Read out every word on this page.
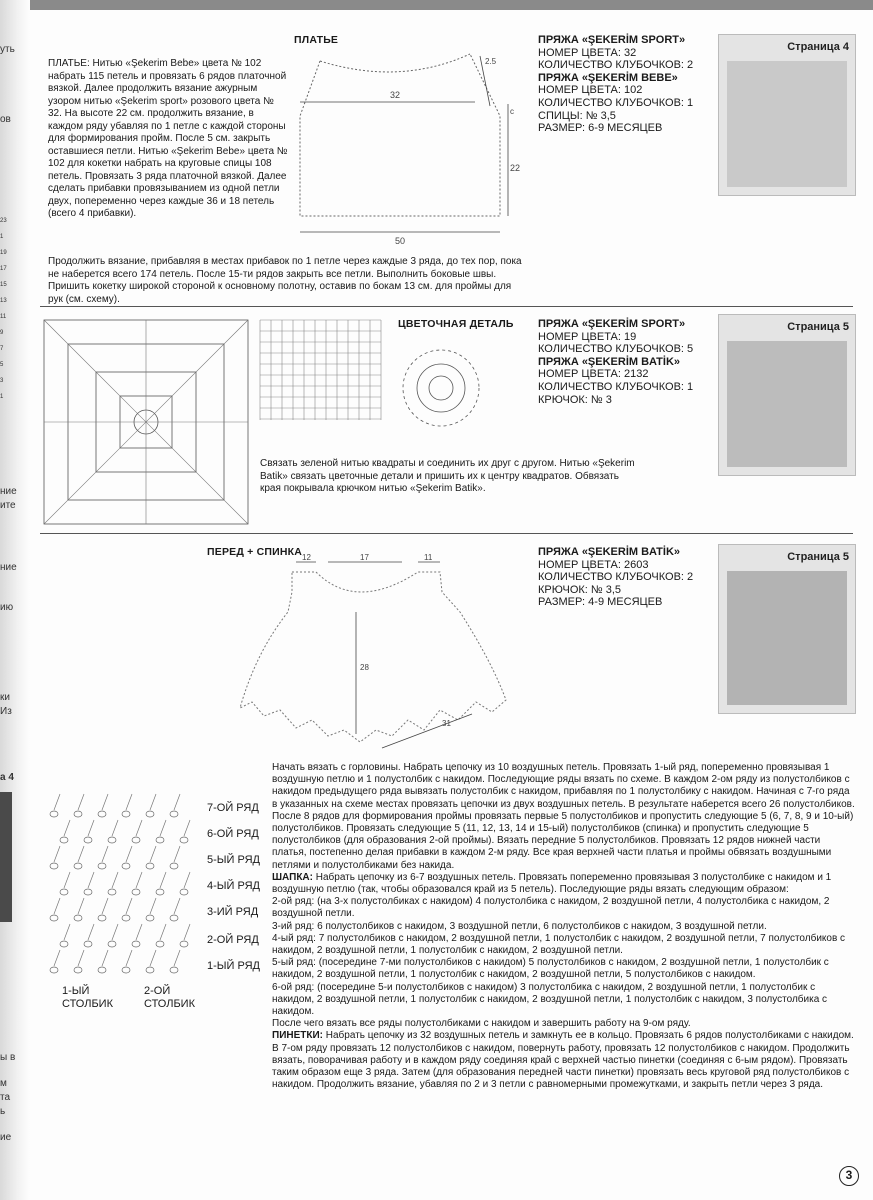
уть
ов
ние
ите
ние
ию
ки
Из
а 4
ы в
м
та
ь
ие
23
1
19
17
15
13
11
9
7
5
3
1
ПЛАТЬЕ
32
50
22
c
2.5
ПЛАТЬЕ: Нитью «Şekerim Bebe» цвета № 102 набрать 115 петель и провязать 6 рядов платочной вязкой. Далее продолжить вязание ажурным узором нитью «Şekerim sport» розового цвета № 32. На высоте 22 см. продолжить вязание, в каждом ряду убавляя по 1 петле с каждой стороны для формирования пройм. После 5 см. закрыть оставшиеся петли. Нитью «Şekerim Bebe» цвета № 102 для кокетки набрать на круговые спицы 108 петель. Провязать 3 ряда платочной вязкой. Далее сделать прибавки провязыванием из одной петли двух, попеременно через каждые 36 и 18 петель (всего 4 прибавки).
Продолжить вязание, прибавляя в местах прибавок по 1 петле через каждые 3 ряда, до тех пор, пока не наберется всего 174 петель. После 15-ти рядов закрыть все петли. Выполнить боковые швы. Пришить кокетку широкой стороной к основному полотну, оставив по бокам 13 см. для проймы для рук (см. схему).
ПРЯЖА «ŞEKERİM SPORT»
НОМЕР ЦВЕТА: 32
КОЛИЧЕСТВО КЛУБОЧКОВ: 2
ПРЯЖА «ŞEKERİM BEBE»
НОМЕР ЦВЕТА: 102
КОЛИЧЕСТВО КЛУБОЧКОВ: 1
СПИЦЫ: № 3,5
РАЗМЕР: 6-9 МЕСЯЦЕВ
Страница 4
ЦВЕТОЧНАЯ ДЕТАЛЬ
Связать зеленой нитью квадраты и соединить их друг с другом. Нитью «Şekerim Batik» связать цветочные детали и пришить их к центру квадратов. Обвязать края покрывала крючком нитью «Şekerim Batik».
ПРЯЖА «ŞEKERİM SPORT»
НОМЕР ЦВЕТА: 19
КОЛИЧЕСТВО КЛУБОЧКОВ: 5
ПРЯЖА «ŞEKERİM BATİK»
НОМЕР ЦВЕТА: 2132
КОЛИЧЕСТВО КЛУБОЧКОВ: 1
КРЮЧОК: № 3
Страница 5
ПЕРЕД + СПИНКА 12	17	11
28
31
ПРЯЖА «ŞEKERİM BATİK»
НОМЕР ЦВЕТА: 2603
КОЛИЧЕСТВО КЛУБОЧКОВ: 2
КРЮЧОК: № 3,5
РАЗМЕР: 4-9 МЕСЯЦЕВ
Страница 5
7-ОЙ РЯД
6-ОЙ РЯД
5-ЫЙ РЯД
4-ЫЙ РЯД
3-ИЙ РЯД
2-ОЙ РЯД
1-ЫЙ РЯД
1-ЫЙ
СТОЛБИК
2-ОЙ
СТОЛБИК
Начать вязать с горловины. Набрать цепочку из 10 воздушных петель. Провязать 1-ый ряд, попеременно провязывая 1 воздушную петлю и 1 полустолбик с накидом. Последующие ряды вязать по схеме. В каждом 2-ом ряду из полустолбиков с накидом предыдущего ряда вывязать полустолбик с накидом, прибавляя по 1 полустолбику с накидом. Начиная с 7-го ряда в указанных на схеме местах провязать цепочки из двух воздушных петель. В результате наберется всего 26 полустолбиков. После 8 рядов для формирования проймы провязать первые 5 полустолбиков и пропустить следующие 5 (6, 7, 8, 9 и 10-ый) полустолбиков. Провязать следующие 5 (11, 12, 13, 14 и 15-ый) полустолбиков (спинка) и пропустить следующие 5 полустолбиков (для образования 2-ой проймы). Вязать передние 5 полустолбиков. Провязать 12 рядов нижней части платья, постепенно делая прибавки в каждом 2-м ряду. Все края верхней части платья и проймы обвязать воздушными петлями и полустолбиками без накида.
ШАПКА: Набрать цепочку из 6-7 воздушных петель. Провязать попеременно провязывая 3 полустолбике с накидом и 1 воздушную петлю (так, чтобы образовался край из 5 петель). Последующие ряды вязать следующим образом:
2-ой ряд: (на 3-х полустолбиках с накидом) 4 полустолбика с накидом, 2 воздушной петли, 4 полустолбика с накидом, 2 воздушной петли.
3-ий ряд: 6 полустолбиков с накидом, 3 воздушной петли, 6 полустолбиков с накидом, 3 воздушной петли.
4-ый ряд: 7 полустолбиков с накидом, 2 воздушной петли, 1 полустолбик с накидом, 2 воздушной петли, 7 полустолбиков с накидом, 2 воздушной петли, 1 полустолбик с накидом, 2 воздушной петли.
5-ый ряд: (посередине 7-ми полустолбиков с накидом) 5 полустолбиков с накидом, 2 воздушной петли, 1 полустолбик с накидом, 2 воздушной петли, 1 полустолбик с накидом, 2 воздушной петли, 5 полустолбиков с накидом.
6-ой ряд: (посередине 5-и полустолбиков с накидом) 3 полустолбика с накидом, 2 воздушной петли, 1 полустолбик с накидом, 2 воздушной петли, 1 полустолбик с накидом, 2 воздушной петли, 1 полустолбик с накидом, 3 полустолбика с накидом.
После чего вязать все ряды полустолбиками с накидом и завершить работу на 9-ом ряду.
ПИНЕТКИ: Набрать цепочку из 32 воздушных петель и замкнуть ее в кольцо. Провязать 6 рядов полустолбиками с накидом. В 7-ом ряду провязать 12 полустолбиков с накидом, повернуть работу, провязать 12 полустолбиков с накидом. Продолжить вязать, поворачивая работу и в каждом ряду соединяя край с верхней частью пинетки (соединяя с 6-ым рядом). Провязать таким образом еще 3 ряда. Затем (для образования передней части пинетки) провязать весь круговой ряд полустолбиков с накидом. Продолжить вязание, убавляя по 2 и 3 петли с равномерными промежутками, и закрыть петли через 3 ряда.
3
